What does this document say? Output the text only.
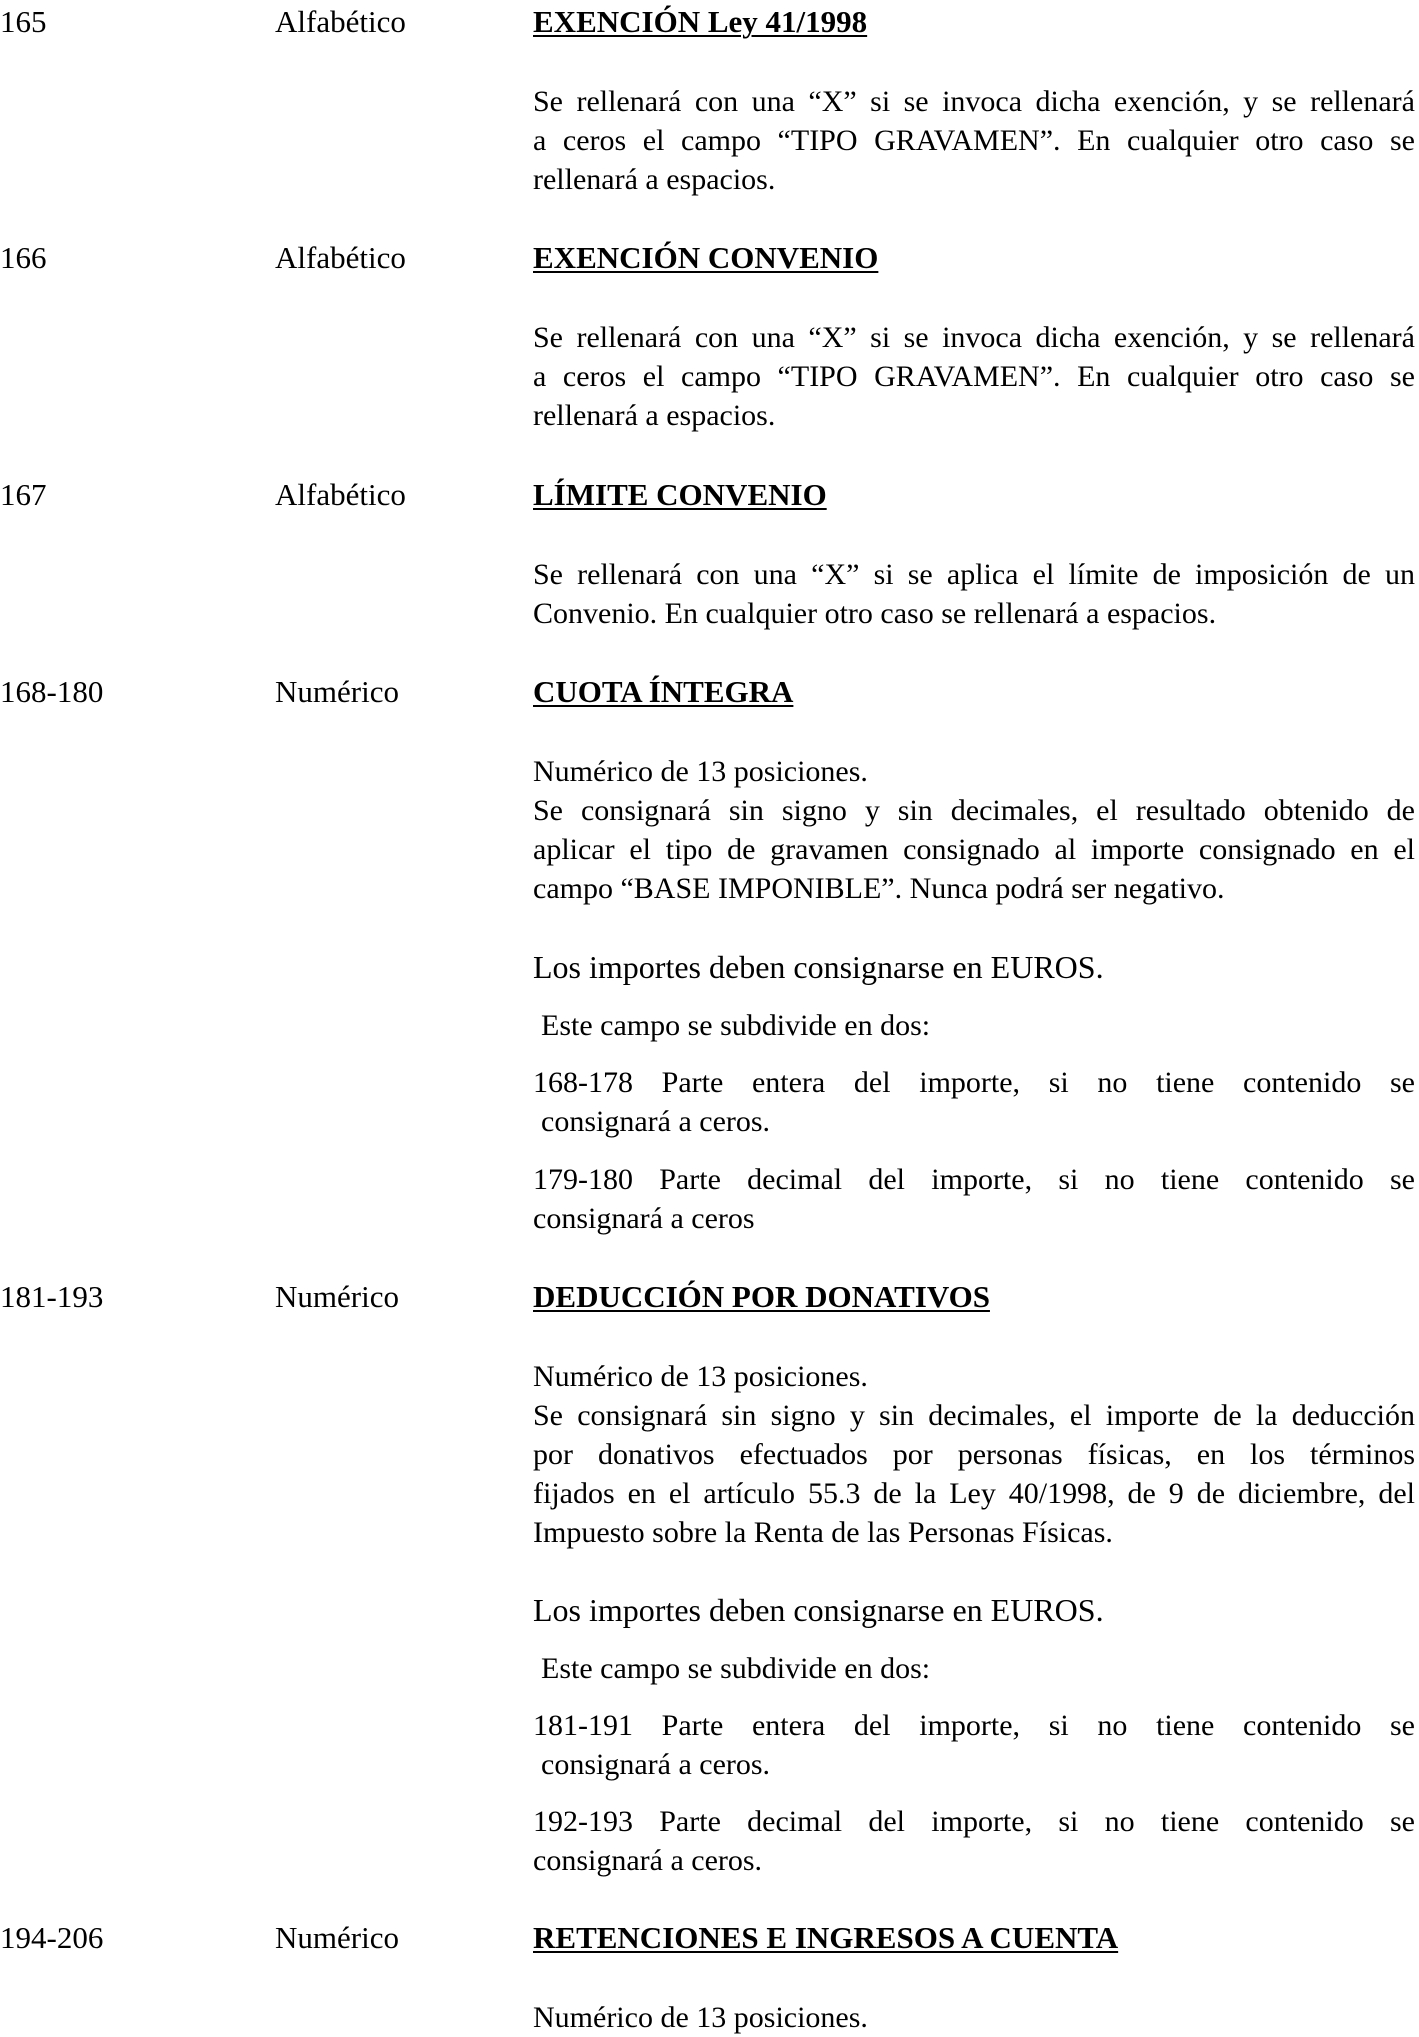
165	Alfabético	EXENCIÓN Ley 41/1998
Se rellenará con una “X” si se invoca dicha exención, y se rellenará
a ceros el campo “TIPO GRAVAMEN”. En cualquier otro caso se
rellenará a espacios.
166	Alfabético	EXENCIÓN CONVENIO
Se rellenará con una “X” si se invoca dicha exención, y se rellenará
a ceros el campo “TIPO GRAVAMEN”. En cualquier otro caso se
rellenará a espacios.
167	Alfabético	LÍMITE CONVENIO
Se rellenará con una “X” si se aplica el límite de imposición de un
Convenio. En cualquier otro caso se rellenará a espacios.
168-180	Numérico	CUOTA ÍNTEGRA
Numérico de 13 posiciones.
Se consignará sin signo y sin decimales, el resultado obtenido de
aplicar el tipo de gravamen consignado al importe consignado en el
campo “BASE IMPONIBLE”. Nunca podrá ser negativo.
Los importes deben consignarse en EUROS.
Este campo se subdivide en dos:
168-178 Parte entera del importe, si no tiene contenido se
consignará a ceros.
179-180 Parte decimal del importe, si no tiene contenido se
consignará a ceros
181-193	Numérico	DEDUCCIÓN POR DONATIVOS
Numérico de 13 posiciones.
Se consignará sin signo y sin decimales, el importe de la deducción
por donativos efectuados por personas físicas, en los términos
fijados en el artículo 55.3 de la Ley 40/1998, de 9 de diciembre, del
Impuesto sobre la Renta de las Personas Físicas.
Los importes deben consignarse en EUROS.
Este campo se subdivide en dos:
181-191 Parte entera del importe, si no tiene contenido se
consignará a ceros.
192-193 Parte decimal del importe, si no tiene contenido se
consignará a ceros.
194-206	Numérico	RETENCIONES E INGRESOS A CUENTA
Numérico de 13 posiciones.
